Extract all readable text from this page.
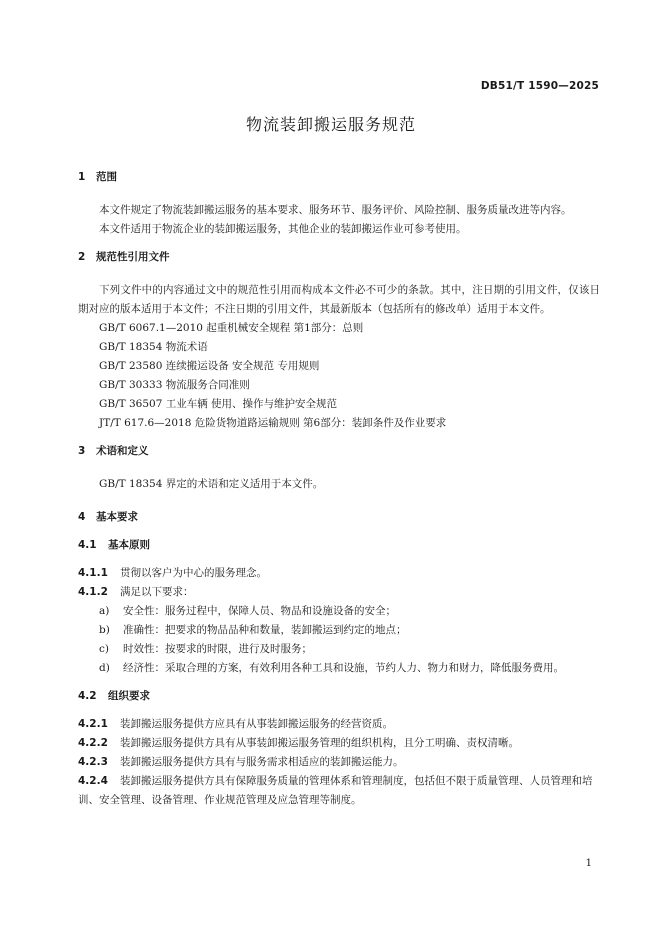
DB51/T 1590—2025
物流装卸搬运服务规范
1 范围
本文件规定了物流装卸搬运服务的基本要求、服务环节、服务评价、风险控制、服务质量改进等内容。
本文件适用于物流企业的装卸搬运服务，其他企业的装卸搬运作业可参考使用。
2 规范性引用文件
下列文件中的内容通过文中的规范性引用而构成本文件必不可少的条款。其中，注日期的引用文件，仅该日期对应的版本适用于本文件；不注日期的引用文件，其最新版本（包括所有的修改单）适用于本文件。
GB/T 6067.1—2010 起重机械安全规程 第1部分：总则
GB/T 18354 物流术语
GB/T 23580 连续搬运设备 安全规范 专用规则
GB/T 30333 物流服务合同准则
GB/T 36507 工业车辆 使用、操作与维护安全规范
JT/T 617.6—2018 危险货物道路运输规则 第6部分：装卸条件及作业要求
3 术语和定义
GB/T 18354 界定的术语和定义适用于本文件。
4 基本要求
4.1 基本原则
4.1.1 贯彻以客户为中心的服务理念。
4.1.2 满足以下要求：
a)	安全性：服务过程中，保障人员、物品和设施设备的安全；
b)	准确性：把要求的物品品种和数量，装卸搬运到约定的地点；
c)	时效性：按要求的时限，进行及时服务；
d)	经济性：采取合理的方案，有效利用各种工具和设施，节约人力、物力和财力，降低服务费用。
4.2 组织要求
4.2.1 装卸搬运服务提供方应具有从事装卸搬运服务的经营资质。
4.2.2 装卸搬运服务提供方具有从事装卸搬运服务管理的组织机构，且分工明确、责权清晰。
4.2.3 装卸搬运服务提供方具有与服务需求相适应的装卸搬运能力。
4.2.4 装卸搬运服务提供方具有保障服务质量的管理体系和管理制度，包括但不限于质量管理、人员管理和培训、安全管理、设备管理、作业规范管理及应急管理等制度。
1
